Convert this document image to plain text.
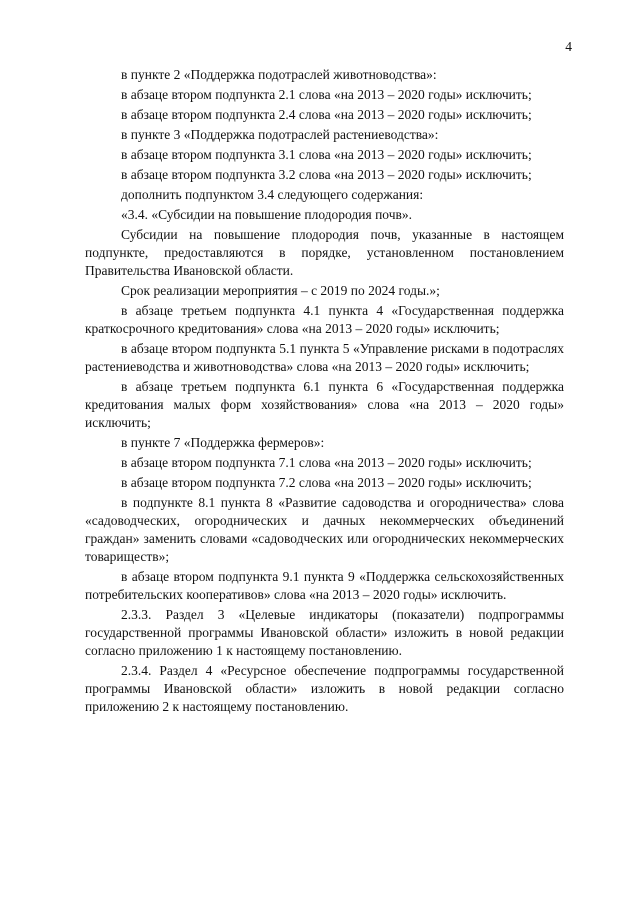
4

в пункте 2 «Поддержка подотраслей животноводства»:

в абзаце втором подпункта 2.1 слова «на 2013 – 2020 годы» исключить;

в абзаце втором подпункта 2.4 слова «на 2013 – 2020 годы» исключить;

в пункте 3 «Поддержка подотраслей растениеводства»:

в абзаце втором подпункта 3.1 слова «на 2013 – 2020 годы» исключить;

в абзаце втором подпункта 3.2 слова «на 2013 – 2020 годы» исключить;

дополнить подпунктом 3.4 следующего содержания:

«3.4. «Субсидии на повышение плодородия почв».

Субсидии на повышение плодородия почв, указанные в настоящем подпункте, предоставляются в порядке, установленном постановлением Правительства Ивановской области.

Срок реализации мероприятия – с 2019 по 2024 годы.»;

в абзаце третьем подпункта 4.1 пункта 4 «Государственная поддержка краткосрочного кредитования» слова «на 2013 – 2020 годы» исключить;

в абзаце втором подпункта 5.1 пункта 5 «Управление рисками в подотраслях растениеводства и животноводства» слова «на 2013 – 2020 годы» исключить;

в абзаце третьем подпункта 6.1 пункта 6 «Государственная поддержка кредитования малых форм хозяйствования» слова «на 2013 – 2020 годы» исключить;

в пункте 7 «Поддержка фермеров»:

в абзаце втором подпункта 7.1 слова «на 2013 – 2020 годы» исключить;

в абзаце втором подпункта 7.2 слова «на 2013 – 2020 годы» исключить;

в подпункте 8.1 пункта 8 «Развитие садоводства и огородничества» слова «садоводческих, огороднических и дачных некоммерческих объединений граждан» заменить словами «садоводческих или огороднических некоммерческих товариществ»;

в абзаце втором подпункта 9.1 пункта 9 «Поддержка сельскохозяйственных потребительских кооперативов» слова «на 2013 – 2020 годы» исключить.

2.3.3. Раздел 3 «Целевые индикаторы (показатели) подпрограммы государственной программы Ивановской области» изложить в новой редакции согласно приложению 1 к настоящему постановлению.

2.3.4. Раздел 4 «Ресурсное обеспечение подпрограммы государственной программы Ивановской области» изложить в новой редакции согласно приложению 2 к настоящему постановлению.
